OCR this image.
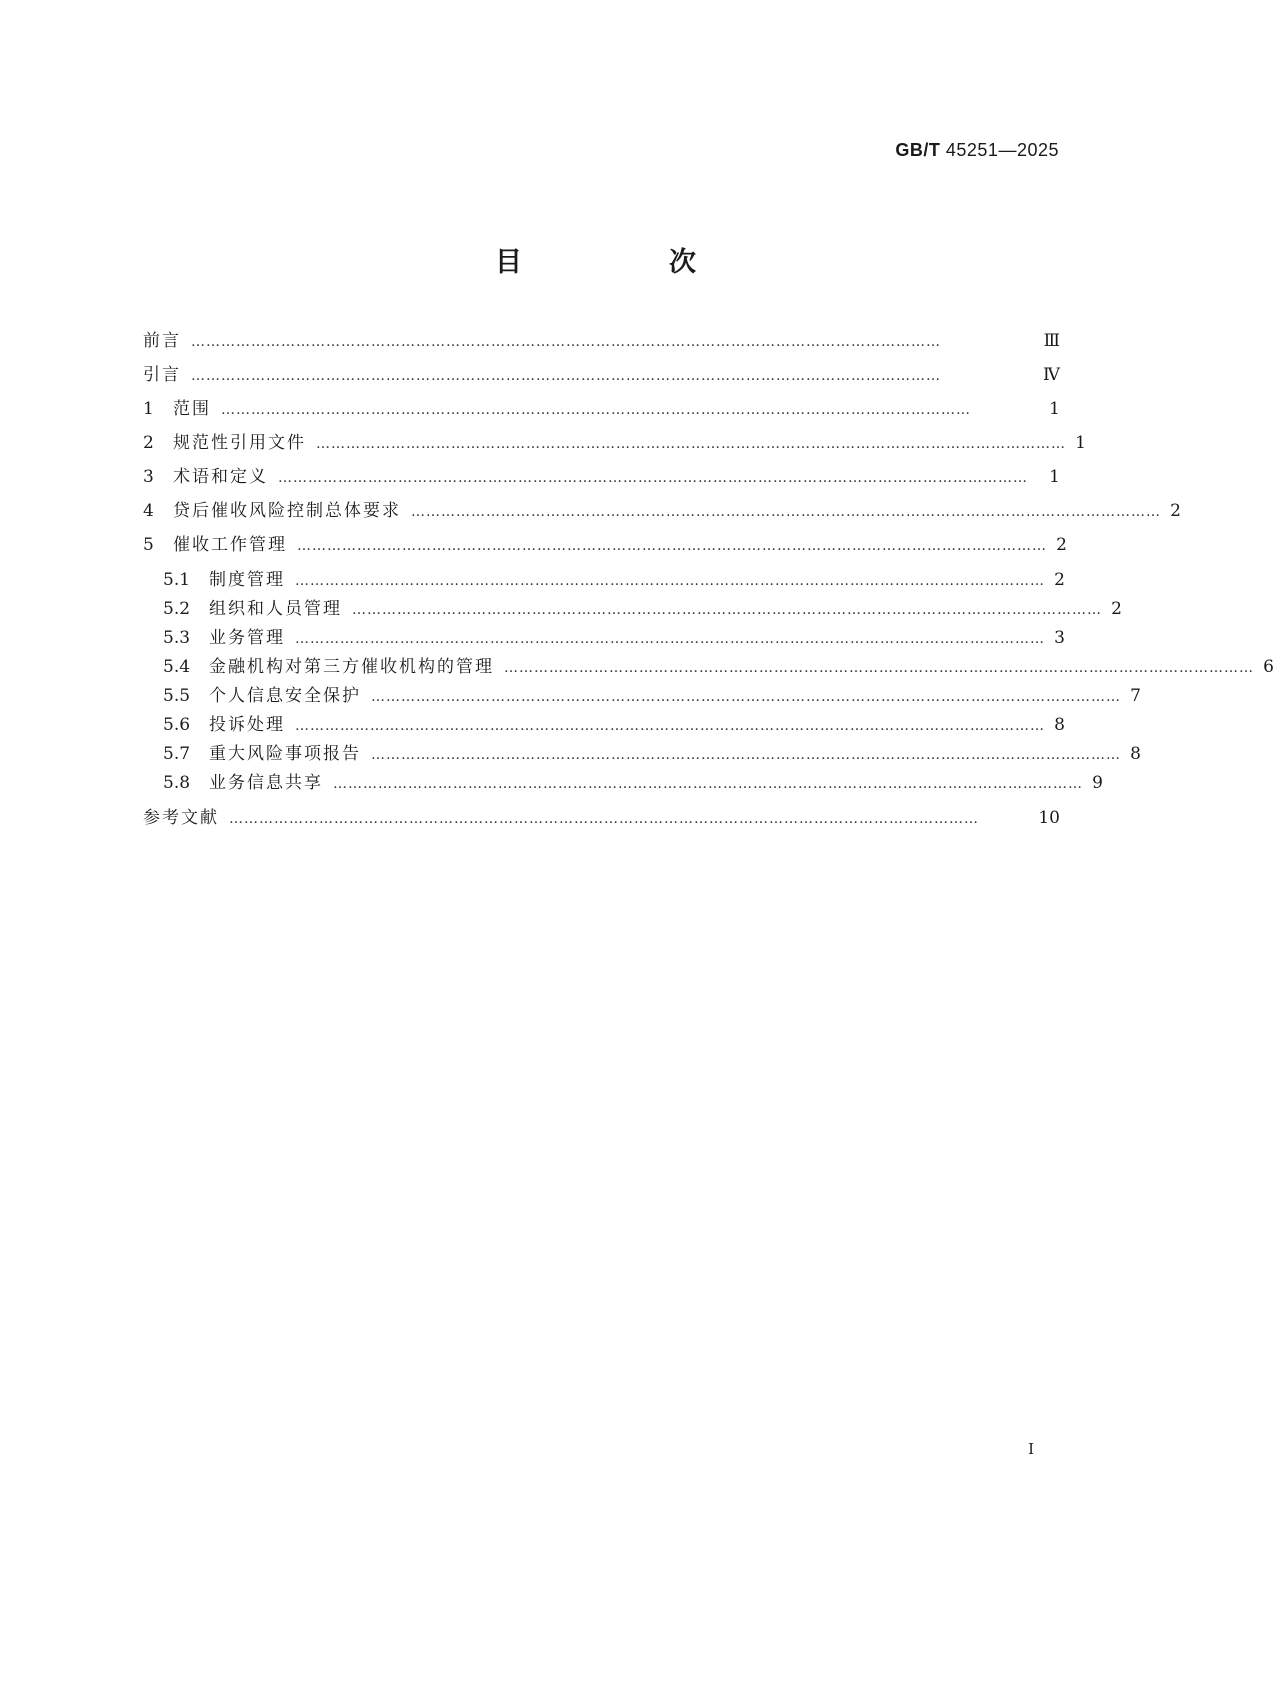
GB/T 45251—2025
目　次
前言 ……………………………………………………………………………………………………………………………………	Ⅲ
引言 ……………………………………………………………………………………………………………………………………	Ⅳ
1	范围 ……………………………………………………………………………………………………………………………………	1
2	规范性引用文件 …………………………………………………………………………………………………………………………………… 1
3	术语和定义 ……………………………………………………………………………………………………………………………………	1
4	贷后催收风险控制总体要求 …………………………………………………………………………………………………………………………………… 2
5	催收工作管理 …………………………………………………………………………………………………………………………………… 2
5.1	制度管理 …………………………………………………………………………………………………………………………………… 2
5.2	组织和人员管理 …………………………………………………………………………………………………………………………………… 2
5.3	业务管理 …………………………………………………………………………………………………………………………………… 3
5.4	金融机构对第三方催收机构的管理 …………………………………………………………………………………………………………………………………… 6
5.5	个人信息安全保护 …………………………………………………………………………………………………………………………………… 7
5.6	投诉处理 …………………………………………………………………………………………………………………………………… 8
5.7	重大风险事项报告 …………………………………………………………………………………………………………………………………… 8
5.8	业务信息共享 …………………………………………………………………………………………………………………………………… 9
参考文献 ……………………………………………………………………………………………………………………………………	10
I
